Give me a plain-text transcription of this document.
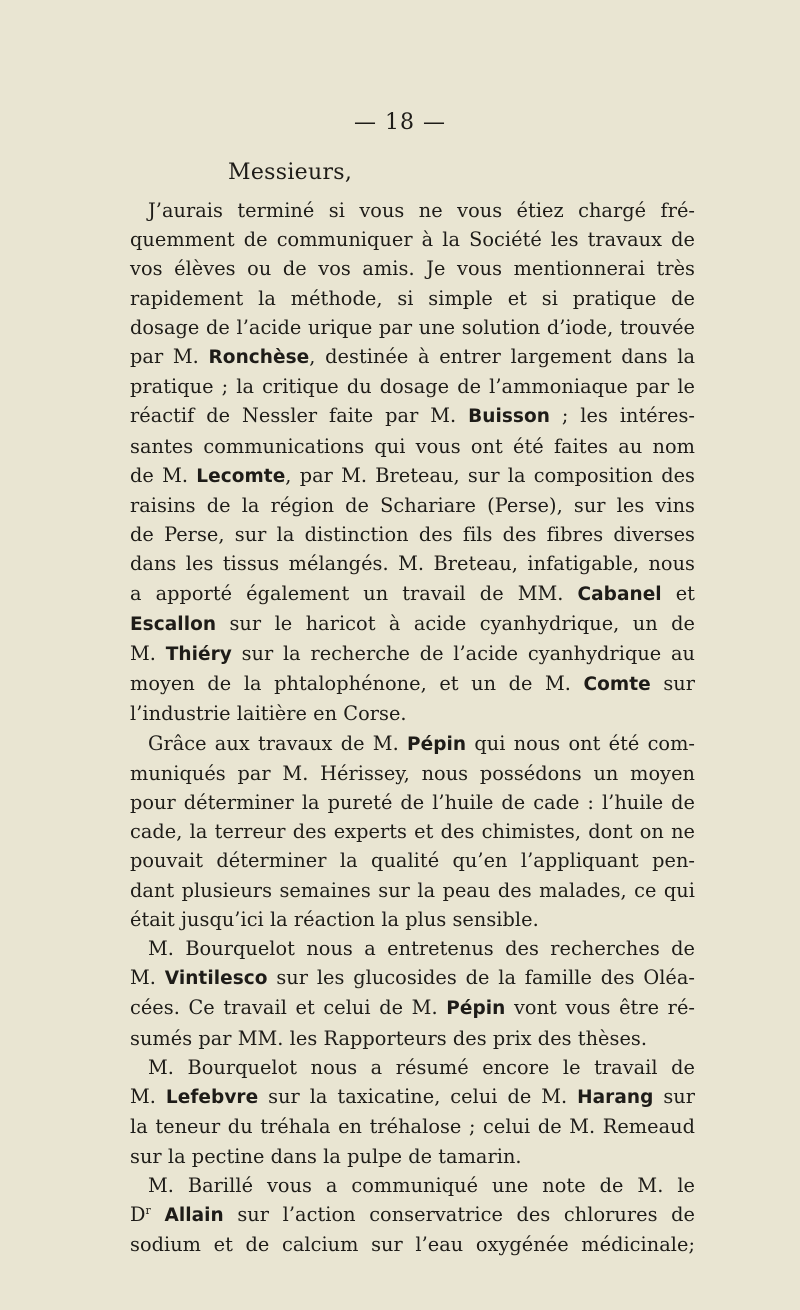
— 18 —
Messieurs,
J’aurais terminé si vous ne vous étiez chargé fré-
quemment de communiquer à la Société les travaux de
vos élèves ou de vos amis. Je vous mentionnerai très
rapidement la méthode, si simple et si pratique de
dosage de l’acide urique par une solution d’iode, trouvée
par M. Ronchèse, destinée à entrer largement dans la
pratique ; la critique du dosage de l’ammoniaque par le
réactif de Nessler faite par M. Buisson ; les intéres-
santes communications qui vous ont été faites au nom
de M. Lecomte, par M. Breteau, sur la composition des
raisins de la région de Schariare (Perse), sur les vins
de Perse, sur la distinction des fils des fibres diverses
dans les tissus mélangés. M. Breteau, infatigable, nous
a apporté également un travail de MM. Cabanel et
Escallon sur le haricot à acide cyanhydrique, un de
M. Thiéry sur la recherche de l’acide cyanhydrique au
moyen de la phtalophénone, et un de M. Comte sur
l’industrie laitière en Corse.
Grâce aux travaux de M. Pépin qui nous ont été com-
muniqués par M. Hérissey, nous possédons un moyen
pour déterminer la pureté de l’huile de cade : l’huile de
cade, la terreur des experts et des chimistes, dont on ne
pouvait déterminer la qualité qu’en l’appliquant pen-
dant plusieurs semaines sur la peau des malades, ce qui
était jusqu’ici la réaction la plus sensible.
M. Bourquelot nous a entretenus des recherches de
M. Vintilesco sur les glucosides de la famille des Oléa-
cées. Ce travail et celui de M. Pépin vont vous être ré-
sumés par MM. les Rapporteurs des prix des thèses.
M. Bourquelot nous a résumé encore le travail de
M. Lefebvre sur la taxicatine, celui de M. Harang sur
la teneur du tréhala en tréhalose ; celui de M. Remeaud
sur la pectine dans la pulpe de tamarin.
M. Barillé vous a communiqué une note de M. le
$D^r$ Allain sur l’action conservatrice des chlorures de
sodium et de calcium sur l’eau oxygénée médicinale;
